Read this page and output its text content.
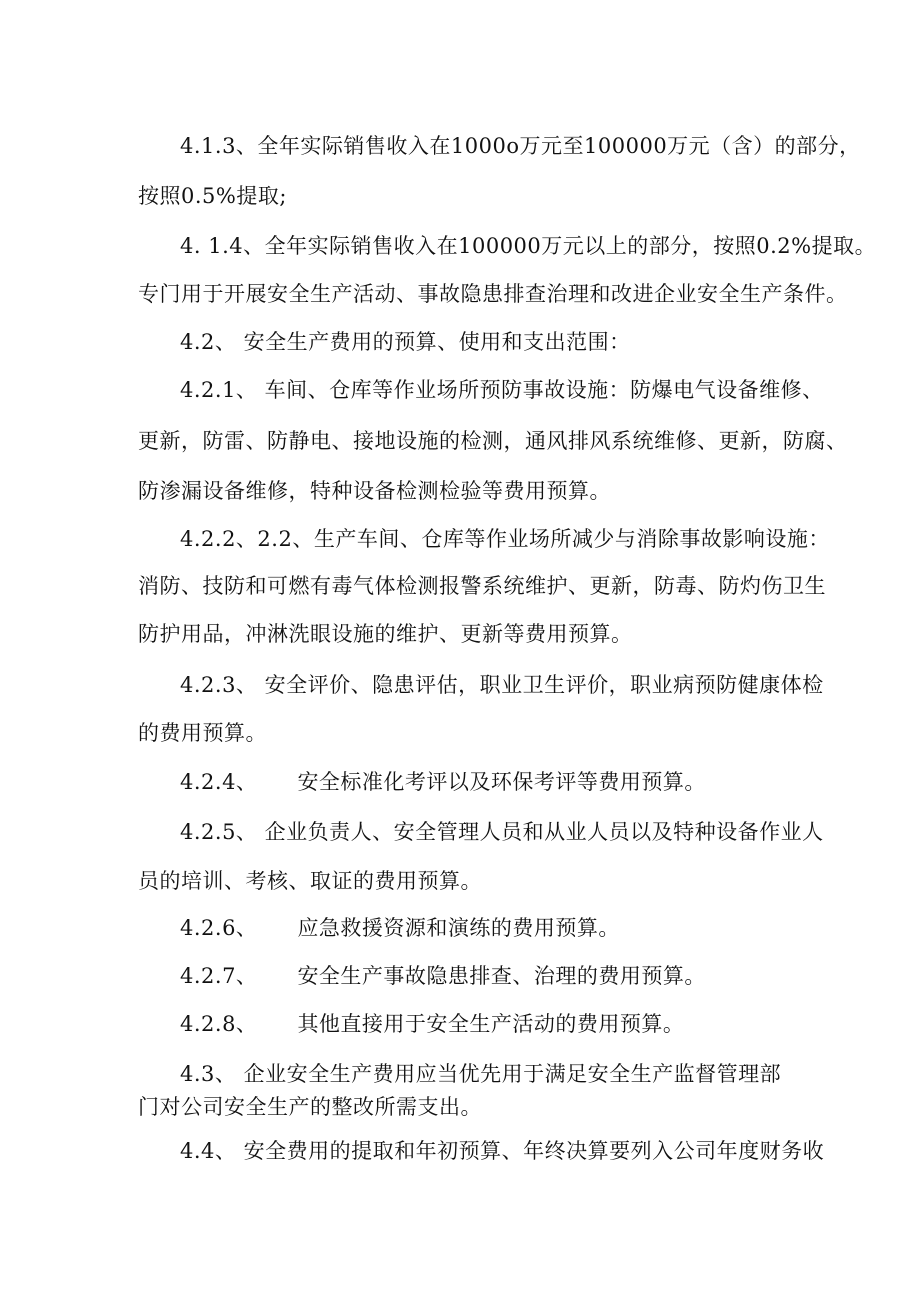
4.1.3、全年实际销售收入在1000o万元至100000万元（含）的部分，
按照0.5%提取;
4. 1.4、全年实际销售收入在100000万元以上的部分，按照0.2%提取。
专门用于开展安全生产活动、事故隐患排查治理和改进企业安全生产条件。
4.2、 安全生产费用的预算、使用和支出范围：
4.2.1、 车间、仓库等作业场所预防事故设施：防爆电气设备维修、
更新，防雷、防静电、接地设施的检测，通风排风系统维修、更新，防腐、
防渗漏设备维修，特种设备检测检验等费用预算。
4.2.2、2.2、生产车间、仓库等作业场所减少与消除事故影响设施：
消防、技防和可燃有毒气体检测报警系统维护、更新，防毒、防灼伤卫生
防护用品，冲淋洗眼设施的维护、更新等费用预算。
4.2.3、 安全评价、隐患评估，职业卫生评价，职业病预防健康体检
的费用预算。
4.2.4、 安全标准化考评以及环保考评等费用预算。
4.2.5、 企业负责人、安全管理人员和从业人员以及特种设备作业人
员的培训、考核、取证的费用预算。
4.2.6、 应急救援资源和演练的费用预算。
4.2.7、 安全生产事故隐患排查、治理的费用预算。
4.2.8、 其他直接用于安全生产活动的费用预算。
4.3、 企业安全生产费用应当优先用于满足安全生产监督管理部
门对公司安全生产的整改所需支出。
4.4、 安全费用的提取和年初预算、年终决算要列入公司年度财务收
